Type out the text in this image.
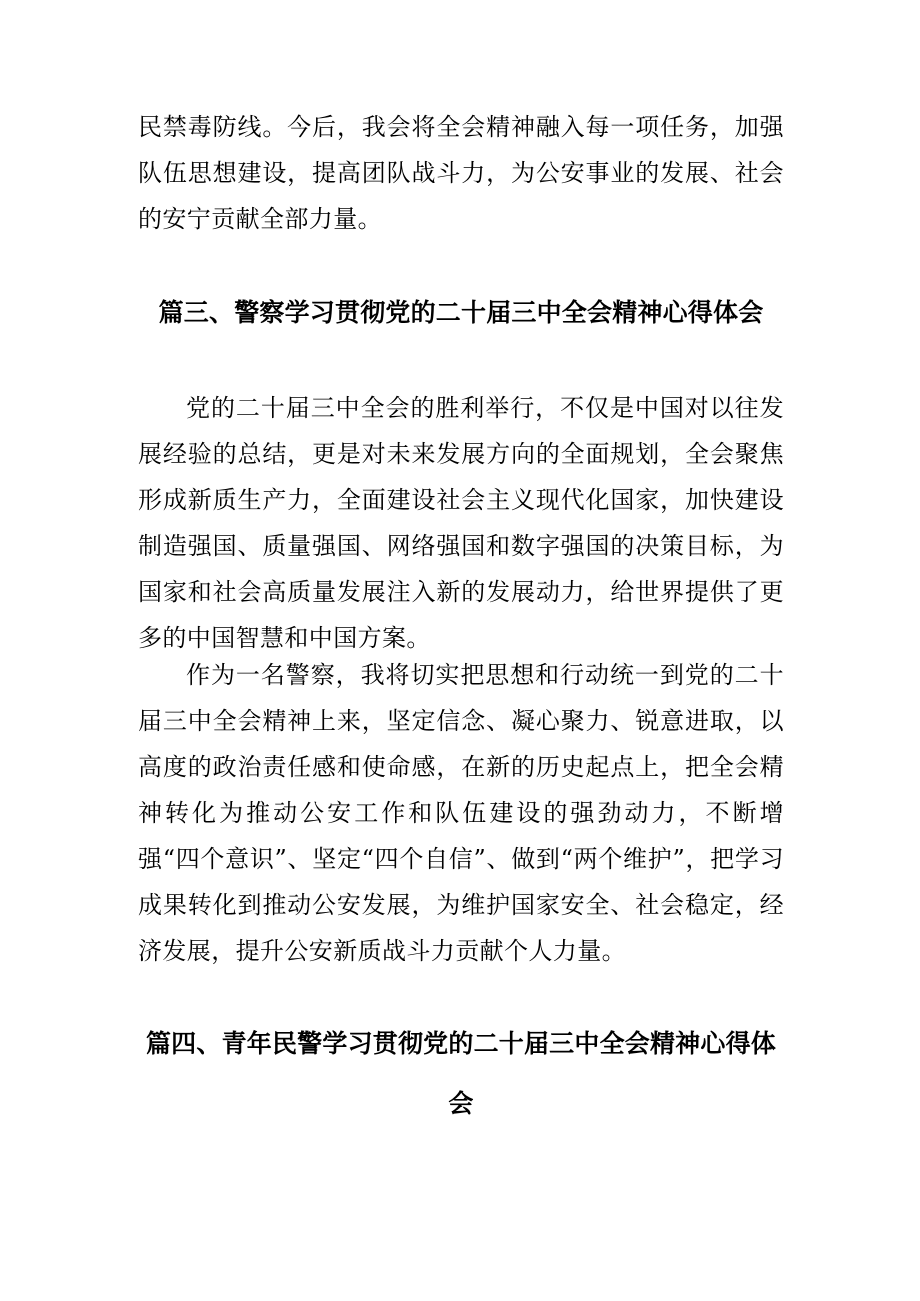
民禁毒防线。今后，我会将全会精神融入每一项任务，加强队伍思想建设，提高团队战斗力，为公安事业的发展、社会的安宁贡献全部力量。

篇三、警察学习贯彻党的二十届三中全会精神心得体会

党的二十届三中全会的胜利举行，不仅是中国对以往发展经验的总结，更是对未来发展方向的全面规划，全会聚焦形成新质生产力，全面建设社会主义现代化国家，加快建设制造强国、质量强国、网络强国和数字强国的决策目标，为国家和社会高质量发展注入新的发展动力，给世界提供了更多的中国智慧和中国方案。

作为一名警察，我将切实把思想和行动统一到党的二十届三中全会精神上来，坚定信念、凝心聚力、锐意进取，以高度的政治责任感和使命感，在新的历史起点上，把全会精神转化为推动公安工作和队伍建设的强劲动力，不断增强“四个意识”、坚定“四个自信”、做到“两个维护”，把学习成果转化到推动公安发展，为维护国家安全、社会稳定，经济发展，提升公安新质战斗力贡献个人力量。

篇四、青年民警学习贯彻党的二十届三中全会精神心得体会
